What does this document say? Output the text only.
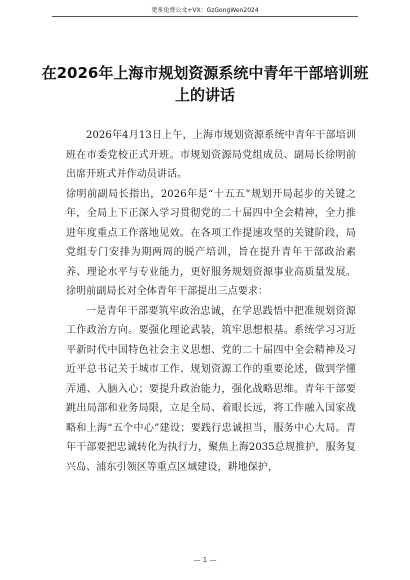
更多免费公文+VX：GzGongWen2024
在2026年上海市规划资源系统中青年干部培训班上的讲话

2026年4月13日上午，上海市规划资源系统中青年干部培训班在市委党校正式开班。市规划资源局党组成员、副局长徐明前出席开班式并作动员讲话。

徐明前副局长指出，2026年是“十五五”规划开局起步的关键之年，全局上下正深入学习贯彻党的二十届四中全会精神，全力推进年度重点工作落地见效。在各项工作提速攻坚的关键阶段，局党组专门安排为期两周的脱产培训，旨在提升青年干部政治素养、理论水平与专业能力，更好服务规划资源事业高质量发展。徐明前副局长对全体青年干部提出三点要求：

一是青年干部要筑牢政治忠诚，在学思践悟中把准规划资源工作政治方向。要强化理论武装，筑牢思想根基。系统学习习近平新时代中国特色社会主义思想、党的二十届四中全会精神及习近平总书记关于城市工作、规划资源工作的重要论述，做到学懂弄通、入脑入心；要提升政治能力，强化战略思维。青年干部要跳出局部和业务局限，立足全局、着眼长远，将工作融入国家战略和上海“五个中心”建设；要践行忠诚担当，服务中心大局。青年干部要把忠诚转化为执行力，聚焦上海2035总规推护，服务复兴岛、浦东引领区等重点区域建设，耕地保护，

— 1 —
